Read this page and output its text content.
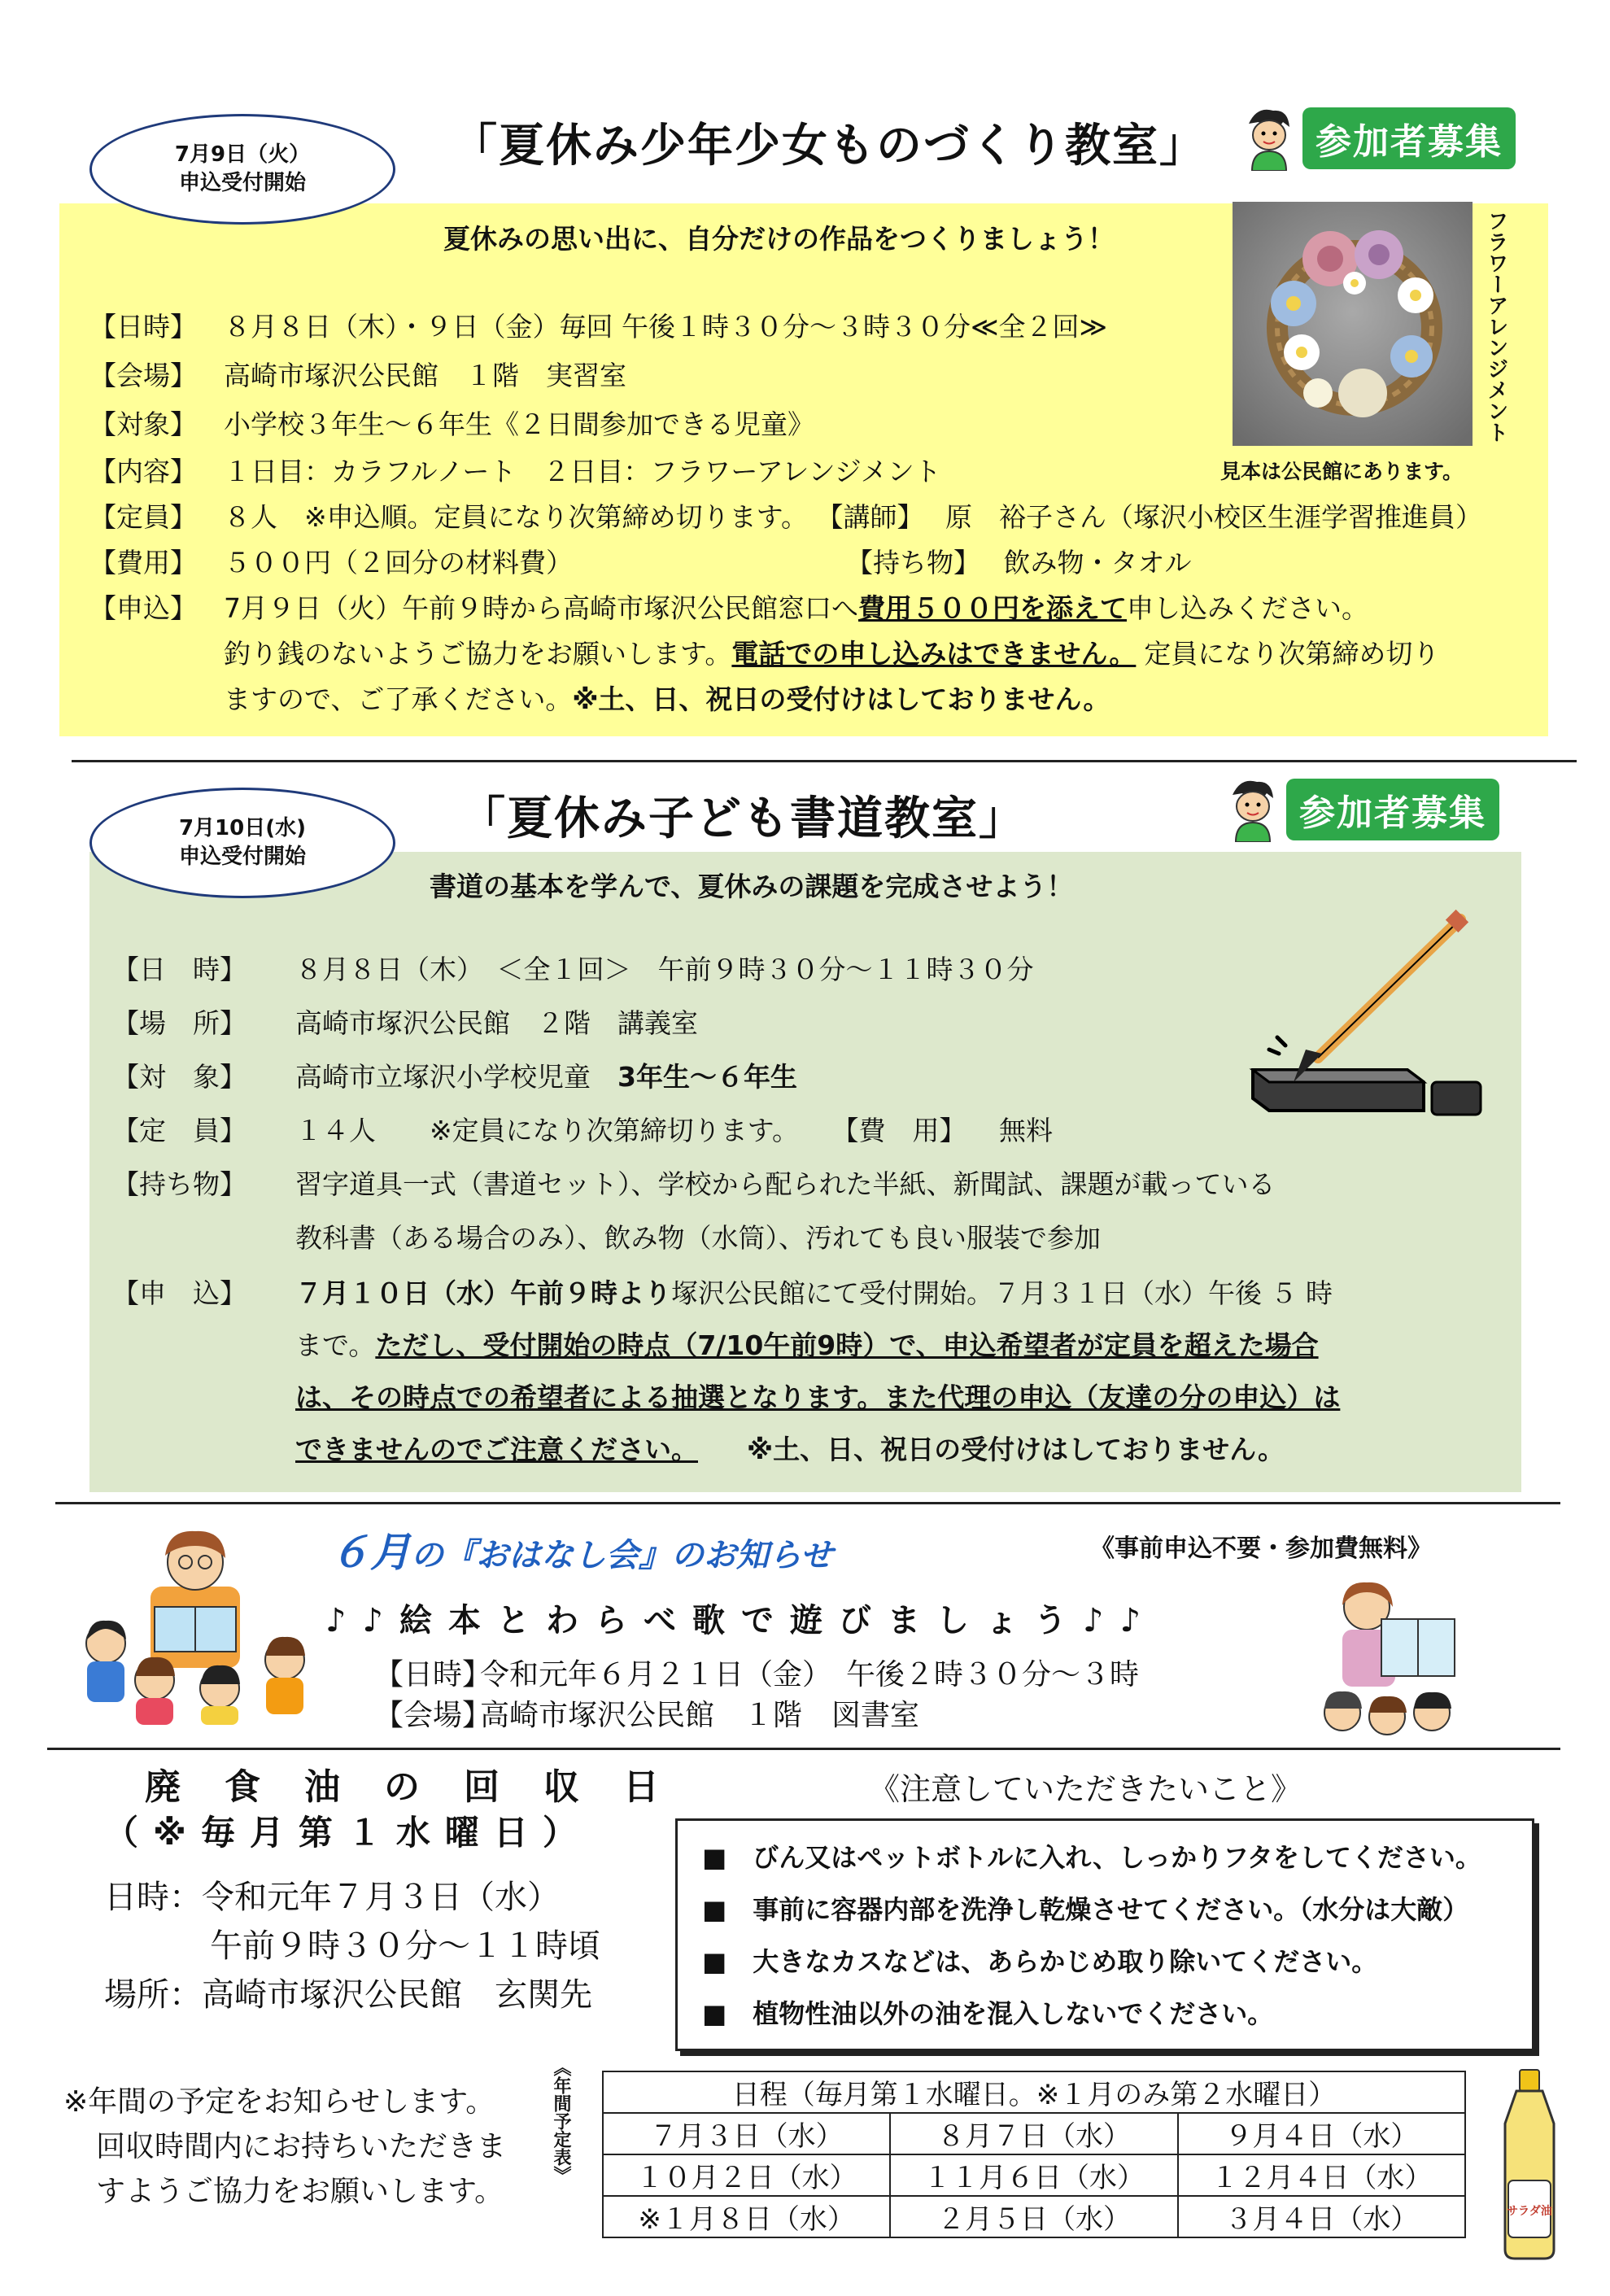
7月9日（火）
申込受付開始
「夏休み少年少女ものづくり教室」	参加者募集
夏休みの思い出に、自分だけの作品をつくりましょう！	フラワーアレンジメント
見本は公民館にあります。
【日時】 ８月８日（木）・９日（金）毎回 午後１時３０分～３時３０分≪全２回≫
【会場】 高崎市塚沢公民館　１階　実習室
【対象】 小学校３年生～６年生《２日間参加できる児童》
【内容】 １日目：カラフルノート　２日目：フラワーアレンジメント
【定員】 ８人　※申込順。定員になり次第締め切ります。 【講師】 原　裕子さん（塚沢小校区生涯学習推進員）
【費用】 ５００円（２回分の材料費）	【持ち物】 飲み物・タオル
【申込】 7月９日（火）午前９時から高崎市塚沢公民館窓口へ費用５００円を添えて申し込みください。
釣り銭のないようご協力をお願いします。電話での申し込みはできません。 定員になり次第締め切り
ますので、ご了承ください。※土、日、祝日の受付けはしておりません。
7月10日(水)
申込受付開始
「夏休み子ども書道教室」	参加者募集
書道の基本を学んで、夏休みの課題を完成させよう！
【日　時】 ８月８日（木）　＜全１回＞　午前９時３０分～１１時３０分
【場　所】 高崎市塚沢公民館　２階　講義室
【対　象】 高崎市立塚沢小学校児童　3年生～６年生
【定　員】 １４人　　※定員になり次第締切ります。 【費　用】 無料
【持ち物】 習字道具一式（書道セット）、学校から配られた半紙、新聞試、課題が載っている
教科書（ある場合のみ）、飲み物（水筒）、汚れても良い服装で参加
【申　込】 ７月１０日（水）午前９時より塚沢公民館にて受付開始。７月３１日（水）午後 ５ 時
まで。ただし、受付開始の時点（7/10午前9時）で、申込希望者が定員を超えた場合
は、その時点での希望者による抽選となります。また代理の申込（友達の分の申込）は
できませんのでご注意ください。 ※土、日、祝日の受付けはしておりません。
６月の『おはなし会』のお知らせ	《事前申込不要・参加費無料》
♪♪絵本とわらべ歌で遊びましょう♪♪
【日時】令和元年６月２１日（金）　午後２時３０分～３時
【会場】高崎市塚沢公民館　１階　図書室
廃食油の回収日
（※毎月第１水曜日）
日時：令和元年７月３日（水）
午前９時３０分～１１時頃
場所：高崎市塚沢公民館　玄関先
《注意していただきたいこと》
■　びん又はペットボトルに入れ、しっかりフタをしてください。
■　事前に容器内部を洗浄し乾燥させてください。（水分は大敵）
■　大きなカスなどは、あらかじめ取り除いてください。
■　植物性油以外の油を混入しないでください。
※年間の予定をお知らせします。
回収時間内にお持ちいただきま
すようご協力をお願いします。
《年間予定表》	日程（毎月第１水曜日。※１月のみ第２水曜日）		
７月３日（水）	８月７日（水）	９月４日（水）
１０月２日（水）	１１月６日（水）	１２月４日（水）
※１月８日（水）	２月５日（水）	３月４日（水）	サラダ油
